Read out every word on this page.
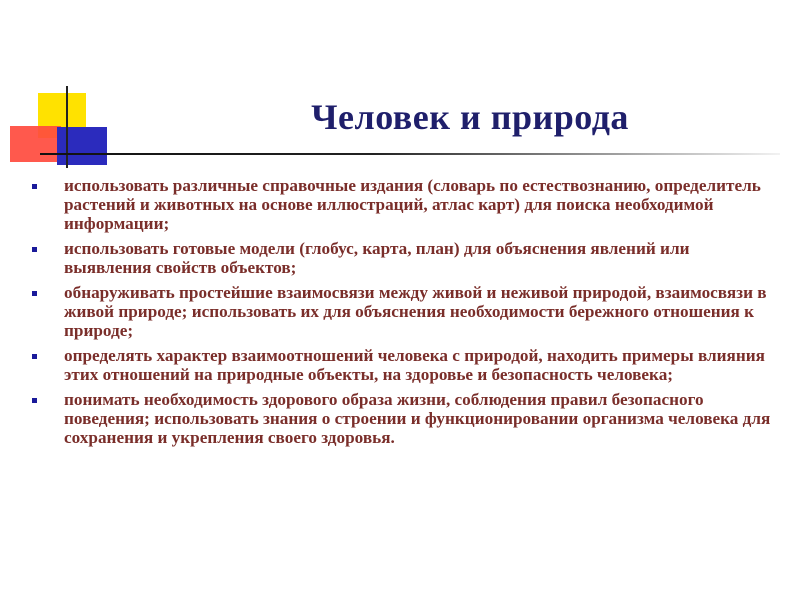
Человек и природа
использовать различные справочные издания (словарь по естествознанию, определитель растений и животных на основе иллюстраций, атлас карт) для поиска необходимой информации;
использовать готовые модели (глобус, карта, план) для объяснения явлений или выявления свойств объектов;
обнаруживать простейшие взаимосвязи между живой и неживой природой, взаимосвязи в живой природе; использовать их для объяснения необходимости бережного отношения к природе;
определять характер взаимоотношений человека с природой, находить примеры влияния этих отношений на природные объекты, на здоровье и безопасность человека;
понимать необходимость здорового образа жизни, соблюдения правил безопасного поведения; использовать знания о строении и функционировании организма человека для сохранения и укрепления своего здоровья.
